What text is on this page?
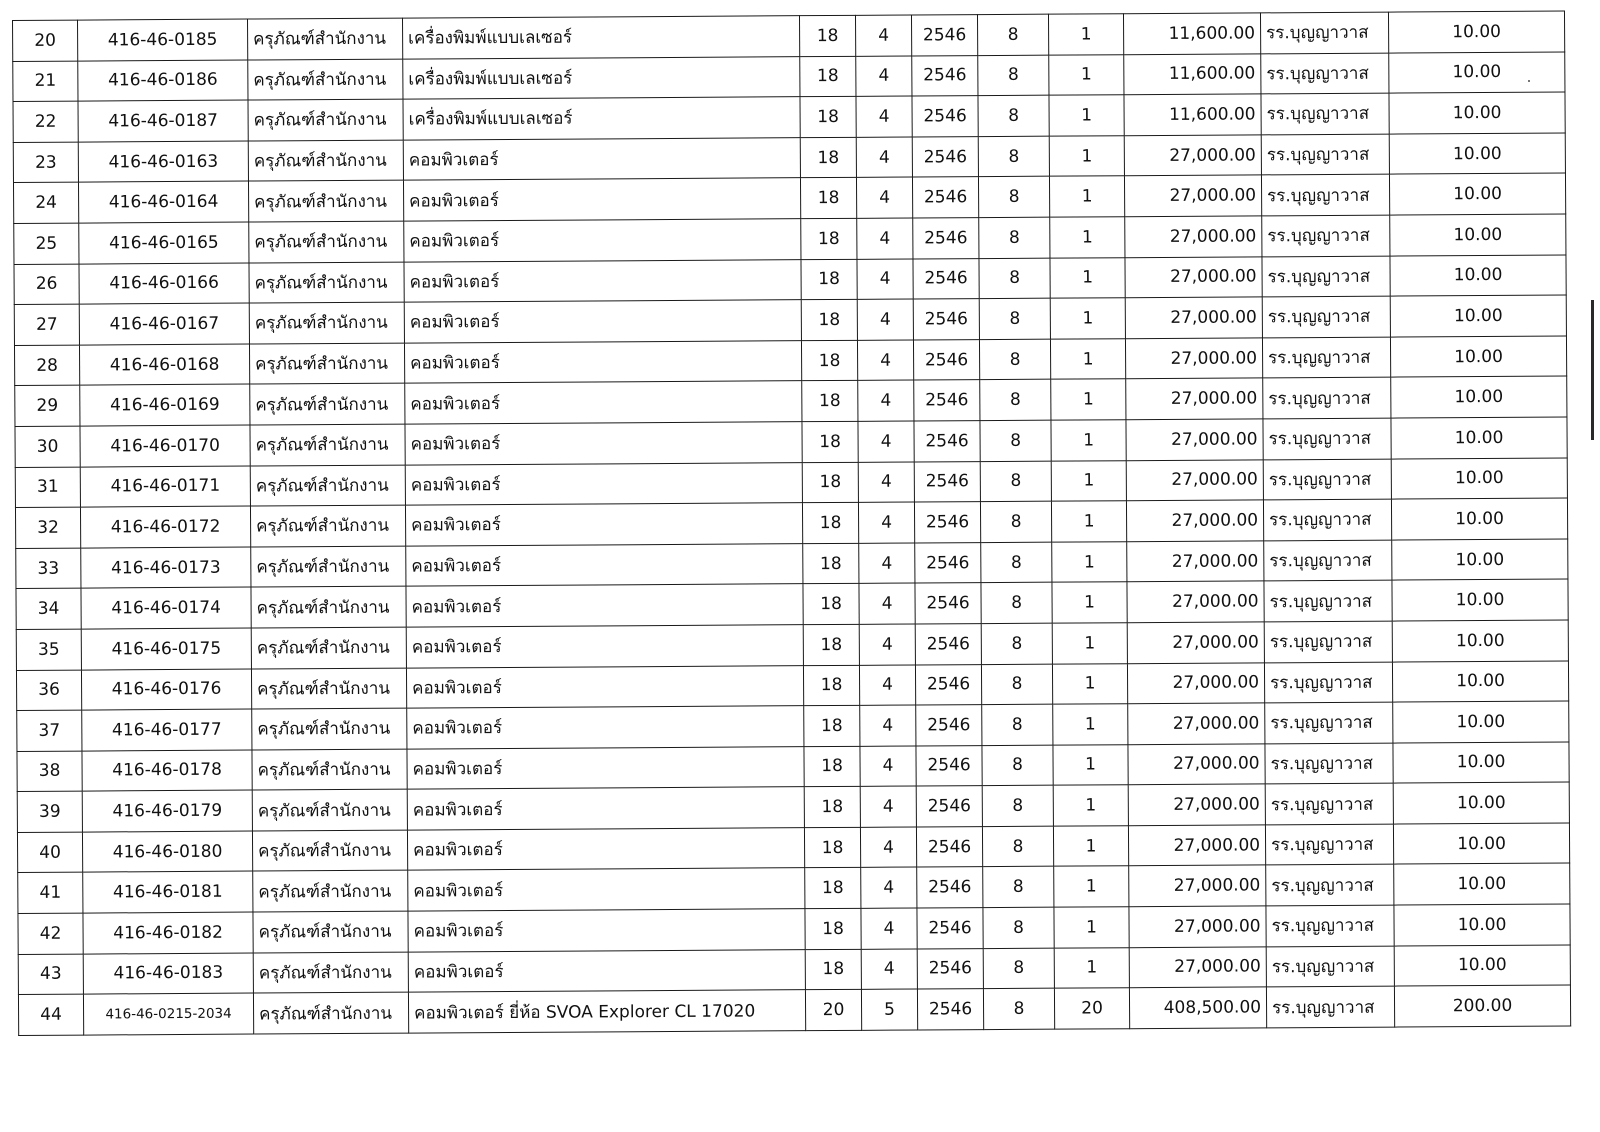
20	416-46-0185	ครุภัณฑ์สำนักงาน	เครื่องพิมพ์แบบเลเซอร์	18	4	2546	8	1	11,600.00	รร.บุญญาวาส	10.00
21	416-46-0186	ครุภัณฑ์สำนักงาน	เครื่องพิมพ์แบบเลเซอร์	18	4	2546	8	1	11,600.00	รร.บุญญาวาส	10.00
22	416-46-0187	ครุภัณฑ์สำนักงาน	เครื่องพิมพ์แบบเลเซอร์	18	4	2546	8	1	11,600.00	รร.บุญญาวาส	10.00
23	416-46-0163	ครุภัณฑ์สำนักงาน	คอมพิวเตอร์	18	4	2546	8	1	27,000.00	รร.บุญญาวาส	10.00
24	416-46-0164	ครุภัณฑ์สำนักงาน	คอมพิวเตอร์	18	4	2546	8	1	27,000.00	รร.บุญญาวาส	10.00
25	416-46-0165	ครุภัณฑ์สำนักงาน	คอมพิวเตอร์	18	4	2546	8	1	27,000.00	รร.บุญญาวาส	10.00
26	416-46-0166	ครุภัณฑ์สำนักงาน	คอมพิวเตอร์	18	4	2546	8	1	27,000.00	รร.บุญญาวาส	10.00
27	416-46-0167	ครุภัณฑ์สำนักงาน	คอมพิวเตอร์	18	4	2546	8	1	27,000.00	รร.บุญญาวาส	10.00
28	416-46-0168	ครุภัณฑ์สำนักงาน	คอมพิวเตอร์	18	4	2546	8	1	27,000.00	รร.บุญญาวาส	10.00
29	416-46-0169	ครุภัณฑ์สำนักงาน	คอมพิวเตอร์	18	4	2546	8	1	27,000.00	รร.บุญญาวาส	10.00
30	416-46-0170	ครุภัณฑ์สำนักงาน	คอมพิวเตอร์	18	4	2546	8	1	27,000.00	รร.บุญญาวาส	10.00
31	416-46-0171	ครุภัณฑ์สำนักงาน	คอมพิวเตอร์	18	4	2546	8	1	27,000.00	รร.บุญญาวาส	10.00
32	416-46-0172	ครุภัณฑ์สำนักงาน	คอมพิวเตอร์	18	4	2546	8	1	27,000.00	รร.บุญญาวาส	10.00
33	416-46-0173	ครุภัณฑ์สำนักงาน	คอมพิวเตอร์	18	4	2546	8	1	27,000.00	รร.บุญญาวาส	10.00
34	416-46-0174	ครุภัณฑ์สำนักงาน	คอมพิวเตอร์	18	4	2546	8	1	27,000.00	รร.บุญญาวาส	10.00
35	416-46-0175	ครุภัณฑ์สำนักงาน	คอมพิวเตอร์	18	4	2546	8	1	27,000.00	รร.บุญญาวาส	10.00
36	416-46-0176	ครุภัณฑ์สำนักงาน	คอมพิวเตอร์	18	4	2546	8	1	27,000.00	รร.บุญญาวาส	10.00
37	416-46-0177	ครุภัณฑ์สำนักงาน	คอมพิวเตอร์	18	4	2546	8	1	27,000.00	รร.บุญญาวาส	10.00
38	416-46-0178	ครุภัณฑ์สำนักงาน	คอมพิวเตอร์	18	4	2546	8	1	27,000.00	รร.บุญญาวาส	10.00
39	416-46-0179	ครุภัณฑ์สำนักงาน	คอมพิวเตอร์	18	4	2546	8	1	27,000.00	รร.บุญญาวาส	10.00
40	416-46-0180	ครุภัณฑ์สำนักงาน	คอมพิวเตอร์	18	4	2546	8	1	27,000.00	รร.บุญญาวาส	10.00
41	416-46-0181	ครุภัณฑ์สำนักงาน	คอมพิวเตอร์	18	4	2546	8	1	27,000.00	รร.บุญญาวาส	10.00
42	416-46-0182	ครุภัณฑ์สำนักงาน	คอมพิวเตอร์	18	4	2546	8	1	27,000.00	รร.บุญญาวาส	10.00
43	416-46-0183	ครุภัณฑ์สำนักงาน	คอมพิวเตอร์	18	4	2546	8	1	27,000.00	รร.บุญญาวาส	10.00
44	416-46-0215-2034	ครุภัณฑ์สำนักงาน	คอมพิวเตอร์ ยี่ห้อ SVOA Explorer CL 17020	20	5	2546	8	20	408,500.00	รร.บุญญาวาส	200.00
